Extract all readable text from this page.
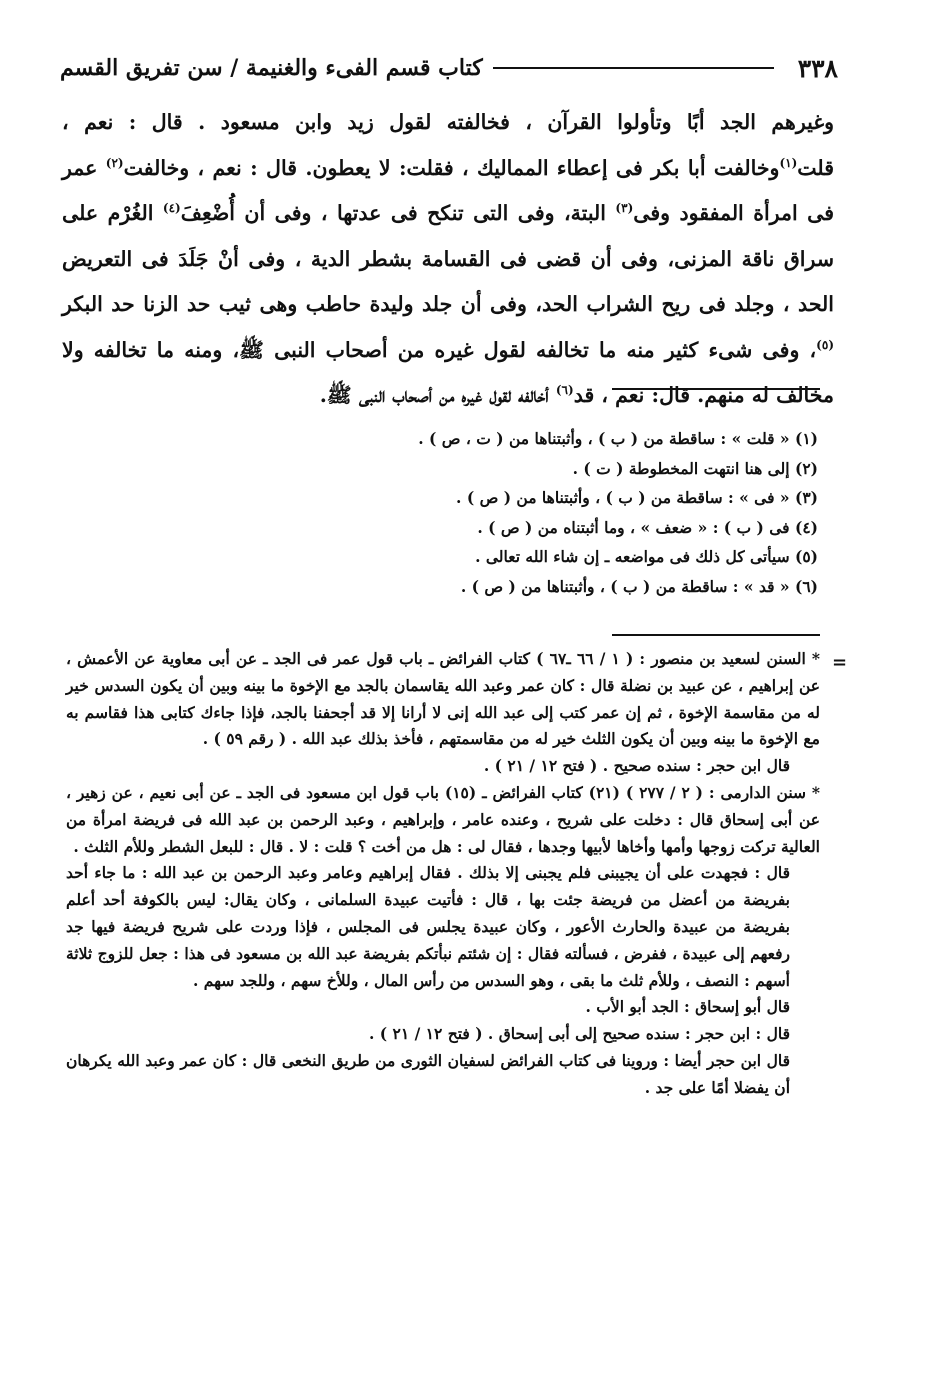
٣٣٨
كتاب قسم الفىء والغنيمة / سن تفريق القسم

وغيرهم الجد أبًا وتأولوا القرآن ، فخالفته لقول زيد وابن مسعود . قال : نعم ، قلت$^{(١)}$وخالفت أبا بكر فى إعطاء المماليك ، فقلت: لا يعطون. قال : نعم ، وخالفت$^{(٢)}$ عمر فى امرأة المفقود وفى$^{(٣)}$ البتة، وفى التى تنكح فى عدتها ، وفى أن أُضْعِفَ$^{(٤)}$ الغُرْم على سراق ناقة المزنى، وفى أن قضى فى القسامة بشطر الدية ، وفى أنْ جَلَدَ فى التعريض الحد ، وجلد فى ريح الشراب الحد، وفى أن جلد وليدة حاطب وهى ثيب حد الزنا حد البكر $^{(٥)}$، وفى شىء كثير منه ما تخالفه لقول غيره من أصحاب النبى ﷺ، ومنه ما تخالفه ولا مخالف له منهم. قال: نعم ، قد$^{(٦)}$ أخالفه لقول غيره من أصحاب النبى ﷺ.

(١) « قلت » : ساقطة من ( ب ) ، وأثبتناها من ( ت ، ص ) .
(٢) إلى هنا انتهت المخطوطة ( ت ) .
(٣) « فى » : ساقطة من ( ب ) ، وأثبتناها من ( ص ) .
(٤) فى ( ب ) : « ضعف » ، وما أثبتناه من ( ص ) .
(٥) سيأتى كل ذلك فى مواضعه ـ إن شاء الله تعالى .
(٦) « قد » : ساقطة من ( ب ) ، وأثبتناها من ( ص ) .
=

* السنن لسعيد بن منصور : ( ١ / ٦٦ ـ٦٧ ) كتاب الفرائض ـ باب قول عمر فى الجد ـ عن أبى معاوية عن الأعمش ، عن إبراهيم ، عن عبيد بن نضلة قال : كان عمر وعبد الله يقاسمان بالجد مع الإخوة ما بينه وبين أن يكون السدس خير له من مقاسمة الإخوة ، ثم إن عمر كتب إلى عبد الله إنى لا أرانا إلا قد أجحفنا بالجد، فإذا جاءك كتابى هذا فقاسم به مع الإخوة ما بينه وبين أن يكون الثلث خير له من مقاسمتهم ، فأخذ بذلك عبد الله . ( رقم ٥٩ ) .

قال ابن حجر : سنده صحيح . ( فتح ١٢ / ٢١ ) .

* سنن الدارمى : ( ٢ / ٢٧٧ ) (٢١) كتاب الفرائض ـ (١٥) باب قول ابن مسعود فى الجد ـ عن أبى نعيم ، عن زهير ، عن أبى إسحاق قال : دخلت على شريح ، وعنده عامر ، وإبراهيم ، وعبد الرحمن بن عبد الله فى فريضة امرأة من العالية تركت زوجها وأمها وأخاها لأبيها وجدها ، فقال لى : هل من أخت ؟ قلت : لا . قال : للبعل الشطر وللأم الثلث .

قال : فجهدت على أن يجيبنى فلم يجبنى إلا بذلك . فقال إبراهيم وعامر وعبد الرحمن بن عبد الله : ما جاء أحد بفريضة من أعضل من فريضة جئت بها ، قال : فأتيت عبيدة السلمانى ، وكان يقال: ليس بالكوفة أحد أعلم بفريضة من عبيدة والحارث الأعور ، وكان عبيدة يجلس فى المجلس ، فإذا وردت على شريح فريضة فيها جد رفعهم إلى عبيدة ، ففرض ، فسألته فقال : إن شئتم نبأتكم بفريضة عبد الله بن مسعود فى هذا : جعل للزوج ثلاثة أسهم : النصف ، وللأم ثلث ما بقى ، وهو السدس من رأس المال ، وللأخ سهم ، وللجد سهم .

قال أبو إسحاق : الجد أبو الأب .

قال : ابن حجر : سنده صحيح إلى أبى إسحاق . ( فتح ١٢ / ٢١ ) .

قال ابن حجر أيضا : وروينا فى كتاب الفرائض لسفيان الثورى من طريق النخعى قال : كان عمر وعبد الله يكرهان أن يفضلا أمًا على جد .
